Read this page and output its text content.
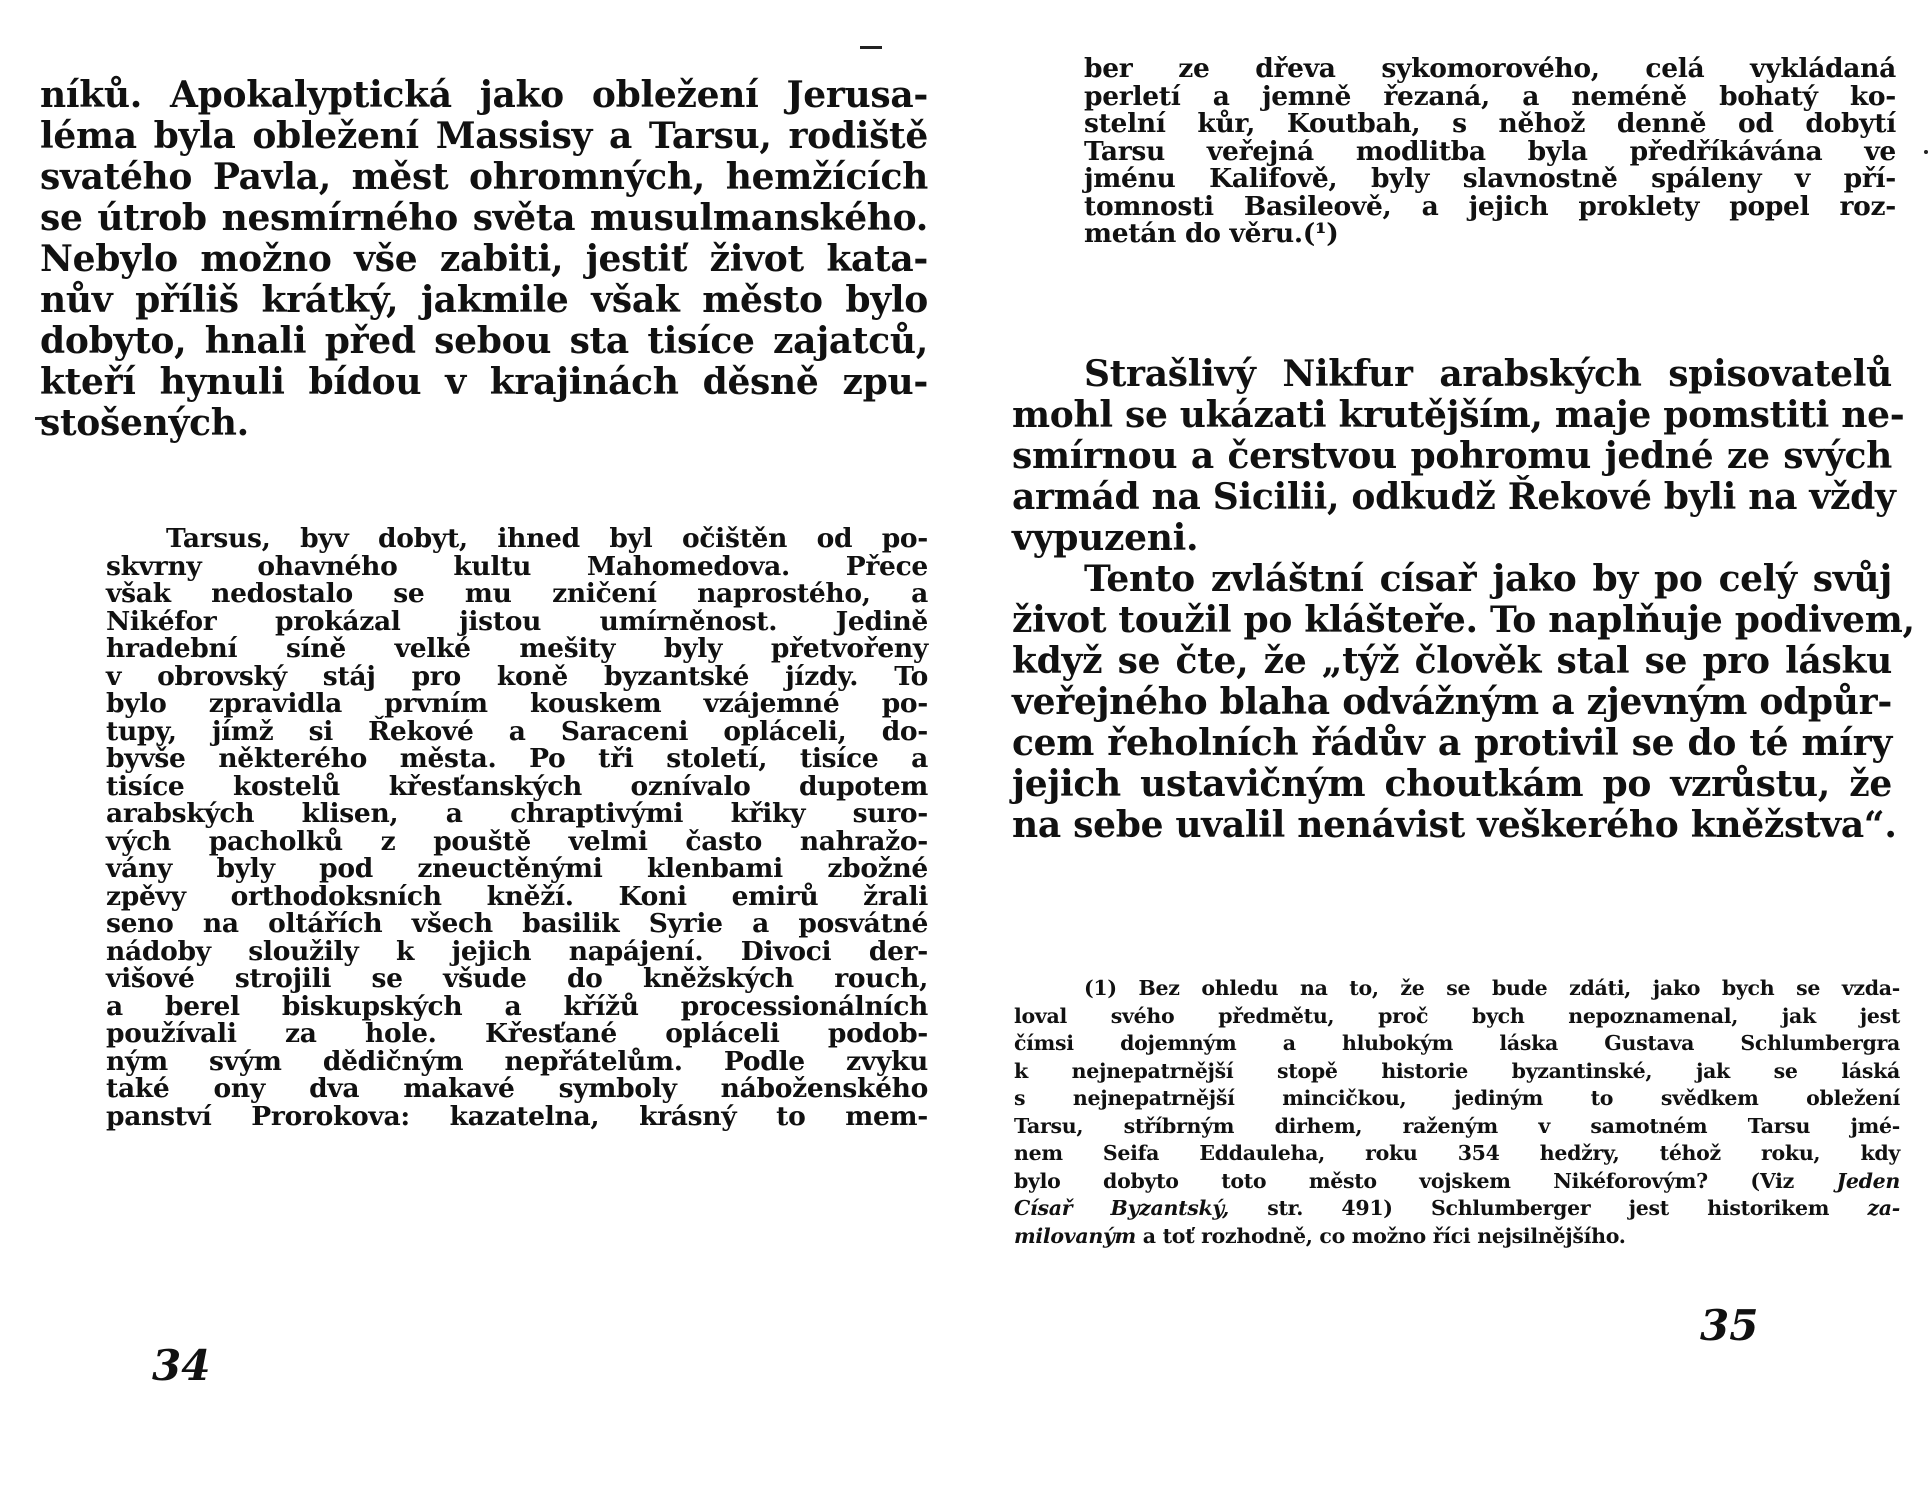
níků. Apokalyptická jako obležení Jerusa-
léma byla obležení Massisy a Tarsu, rodiště
svatého Pavla, měst ohromných, hemžících
se útrob nesmírného světa musulmanského.
Nebylo možno vše zabiti, jestiť život kata-
nův příliš krátký, jakmile však město bylo
dobyto, hnali před sebou sta tisíce zajatců,
kteří hynuli bídou v krajinách děsně zpu-
stošených.
Tarsus, byv dobyt, ihned byl očištěn od po-
skvrny ohavného kultu Mahomedova. Přece
však nedostalo se mu zničení naprostého, a
Nikéfor prokázal jistou umírněnost. Jedině
hradební síně velké mešity byly přetvořeny
v obrovský stáj pro koně byzantské jízdy. To
bylo zpravidla prvním kouskem vzájemné po-
tupy, jímž si Řekové a Saraceni opláceli, do-
byvše některého města. Po tři století, tisíce a
tisíce kostelů křesťanských oznívalo dupotem
arabských klisen, a chraptivými křiky suro-
vých pacholků z pouště velmi často nahražo-
vány byly pod zneuctěnými klenbami zbožné
zpěvy orthodoksních kněží. Koni emirů žrali
seno na oltářích všech basilik Syrie a posvátné
nádoby sloužily k jejich napájení. Divoci der-
višové strojili se všude do kněžských rouch,
a berel biskupských a křížů processionálních
používali za hole. Křesťané opláceli podob-
ným svým dědičným nepřátelům. Podle zvyku
také ony dva makavé symboly náboženského
panství Prorokova: kazatelna, krásný to mem-
34
ber ze dřeva sykomorového, celá vykládaná
perletí a jemně řezaná, a neméně bohatý ko-
stelní kůr, Koutbah, s něhož denně od dobytí
Tarsu veřejná modlitba byla předříkávána ve
jménu Kalifově, byly slavnostně spáleny v pří-
tomnosti Basileově, a jejich proklety popel roz-
metán do věru.(¹)
Strašlivý Nikfur arabských spisovatelů
mohl se ukázati krutějším, maje pomstiti ne-
smírnou a čerstvou pohromu jedné ze svých
armád na Sicilii, odkudž Řekové byli na vždy
vypuzeni.
Tento zvláštní císař jako by po celý svůj
život toužil po klášteře. To naplňuje podivem,
když se čte, že „týž člověk stal se pro lásku
veřejného blaha odvážným a zjevným odpůr-
cem řeholních řádův a protivil se do té míry
jejich ustavičným choutkám po vzrůstu, že
na sebe uvalil nenávist veškerého kněžstva“.
(1) Bez ohledu na to, že se bude zdáti, jako bych se vzda-
loval svého předmětu, proč bych nepoznamenal, jak jest
čímsi dojemným a hlubokým láska Gustava Schlumbergra
k nejnepatrnější stopě historie byzantinské, jak se láská
s nejnepatrnější mincičkou, jediným to svědkem obležení
Tarsu, stříbrným dirhem, raženým v samotném Tarsu jmé-
nem Seifa Eddauleha, roku 354 hedžry, téhož roku, kdy
bylo dobyto toto město vojskem Nikéforovým? (Viz Jeden
Císař Byzantský, str. 491) Schlumberger jest historikem za-
milovaným a toť rozhodně, co možno říci nejsilnějšího.
35
